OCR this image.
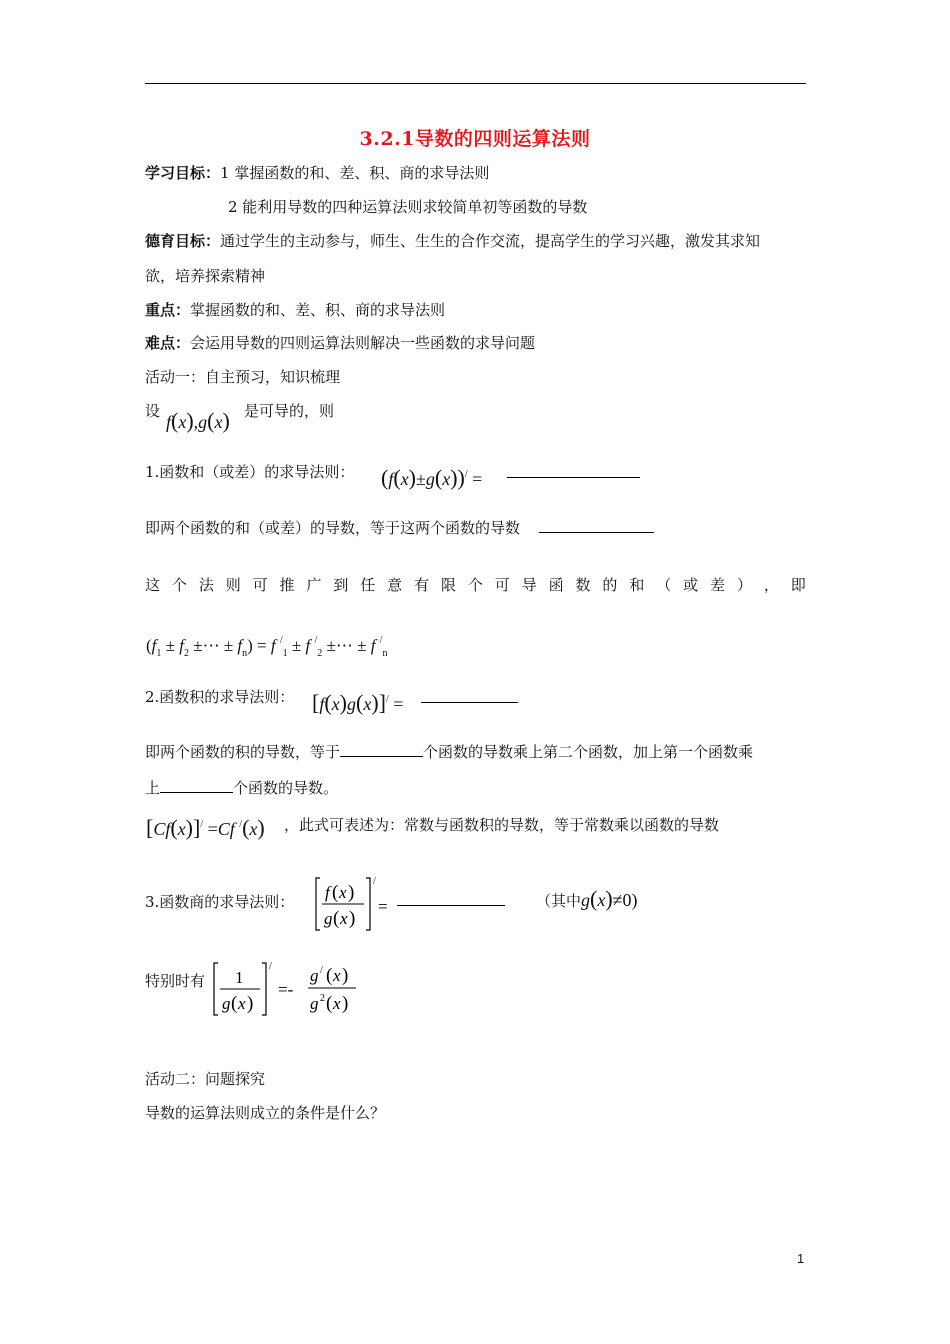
3.2.1导数的四则运算法则
学习目标：1 掌握函数的和、差、积、商的求导法则
2 能利用导数的四种运算法则求较简单初等函数的导数
德育目标：通过学生的主动参与，师生、生生的合作交流，提高学生的学习兴趣，激发其求知
欲，培养探索精神
重点：掌握函数的和、差、积、商的求导法则
难点：会运用导数的四则运算法则解决一些函数的求导问题
活动一：自主预习，知识梳理
设
f(x),g(x) 是可导的，则
1.函数和（或差）的求导法则： (f(x)±g(x))/ =
即两个函数的和（或差）的导数，等于这两个函数的导数
这 个 法 则 可 推 广 到 任 意 有 限 个 可 导 函 数 的 和 （ 或 差 ） ， 即
($f_1 \pm f_2$ ±⋯ ± $f_n) = f$ /$_1$ ± f /$_2$ ±⋯ ± f /$_n$
2.函数积的求导法则： [f(x)g(x)]/ =
即两个函数的积的导数，等于	个函数的导数乘上第二个函数，加上第一个函数乘
上	个函数的导数。
[Cf(x)]/ =Cf /(x) ，此式可表述为：常数与函数积的导数，等于常数乘以函数的导数
3.函数商的求导法则： f ( x )
g ( x )
/
=	（其中g(x)≠0)
特别时有 1
g ( x )
/
=-
g / ( x )
g 2 ( x )
活动二：问题探究
导数的运算法则成立的条件是什么？
1
